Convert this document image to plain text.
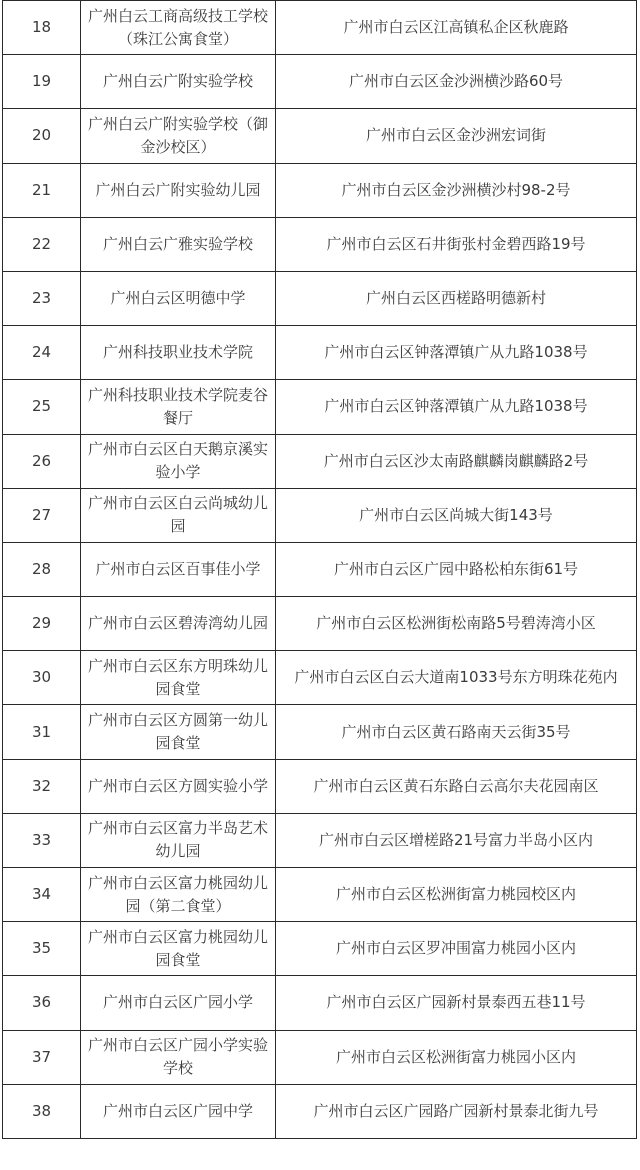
18	广州白云工商高级技工学校（珠江公寓食堂）	广州市白云区江高镇私企区秋鹿路
19	广州白云广附实验学校	广州市白云区金沙洲横沙路60号
20	广州白云广附实验学校（御金沙校区）	广州市白云区金沙洲宏词街
21	广州白云广附实验幼儿园	广州市白云区金沙洲横沙村98-2号
22	广州白云广雅实验学校	广州市白云区石井街张村金碧西路19号
23	广州白云区明德中学	广州白云区西槎路明德新村
24	广州科技职业技术学院	广州市白云区钟落潭镇广从九路1038号
25	广州科技职业技术学院麦谷餐厅	广州市白云区钟落潭镇广从九路1038号
26	广州市白云区白天鹅京溪实验小学	广州市白云区沙太南路麒麟岗麒麟路2号
27	广州市白云区白云尚城幼儿园	广州市白云区尚城大街143号
28	广州市白云区百事佳小学	广州市白云区广园中路松柏东街61号
29	广州市白云区碧涛湾幼儿园	广州市白云区松洲街松南路5号碧涛湾小区
30	广州市白云区东方明珠幼儿园食堂	广州市白云区白云大道南1033号东方明珠花苑内
31	广州市白云区方圆第一幼儿园食堂	广州市白云区黄石路南天云街35号
32	广州市白云区方圆实验小学	广州市白云区黄石东路白云高尔夫花园南区
33	广州市白云区富力半岛艺术幼儿园	广州市白云区增槎路21号富力半岛小区内
34	广州市白云区富力桃园幼儿园（第二食堂）	广州市白云区松洲街富力桃园校区内
35	广州市白云区富力桃园幼儿园食堂	广州市白云区罗冲围富力桃园小区内
36	广州市白云区广园小学	广州市白云区广园新村景泰西五巷11号
37	广州市白云区广园小学实验学校	广州市白云区松洲街富力桃园小区内
38	广州市白云区广园中学	广州市白云区广园路广园新村景泰北街九号
